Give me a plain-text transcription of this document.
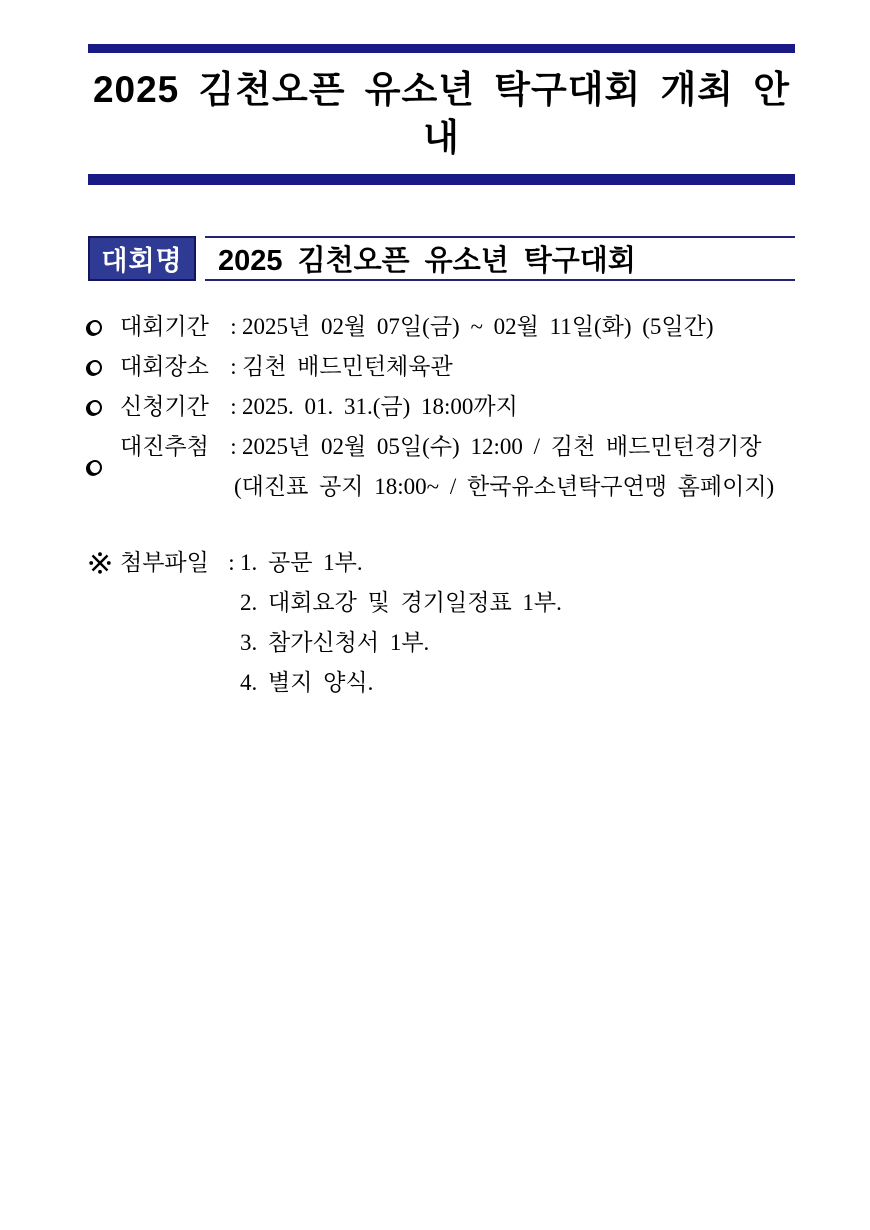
2025 김천오픈 유소년 탁구대회 개최 안내
대회명 2025 김천오픈 유소년 탁구대회
대회기간 : 2025년 02월 07일(금) ~ 02월 11일(화) (5일간)
대회장소 : 김천 배드민턴체육관
신청기간 : 2025. 01. 31.(금) 18:00까지
대진추첨 : 2025년 02월 05일(수) 12:00 / 김천 배드민턴경기장
(대진표 공지 18:00~ / 한국유소년탁구연맹 홈페이지)
첨부파일 : 1. 공문 1부.
2. 대회요강 및 경기일정표 1부.
3. 참가신청서 1부.
4. 별지 양식.
